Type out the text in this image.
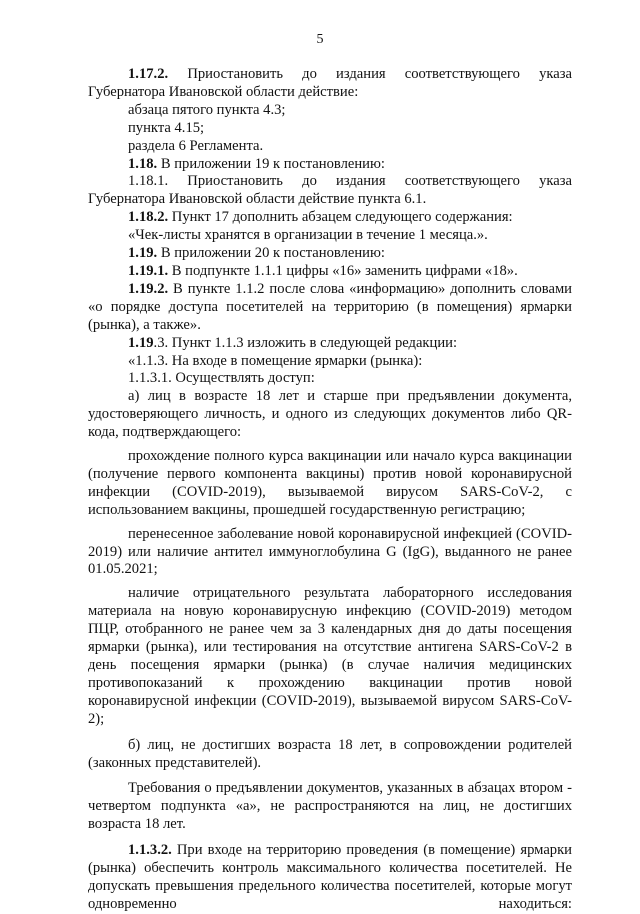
5

1.17.2. Приостановить до издания соответствующего указа Губернатора Ивановской области действие:

абзаца пятого пункта 4.3;

пункта 4.15;

раздела 6 Регламента.

1.18. В приложении 19 к постановлению:

1.18.1. Приостановить до издания соответствующего указа Губернатора Ивановской области действие пункта 6.1.

1.18.2. Пункт 17 дополнить абзацем следующего содержания:

«Чек-листы хранятся в организации в течение 1 месяца.».

1.19. В приложении 20 к постановлению:

1.19.1. В подпункте 1.1.1 цифры «16» заменить цифрами «18».

1.19.2. В пункте 1.1.2 после слова «информацию» дополнить словами «о порядке доступа посетителей на территорию (в помещения) ярмарки (рынка), а также».

1.19.3. Пункт 1.1.3 изложить в следующей редакции:

«1.1.3. На входе в помещение ярмарки (рынка):

1.1.3.1. Осуществлять доступ:

а) лиц в возрасте 18 лет и старше при предъявлении документа, удостоверяющего личность, и одного из следующих документов либо QR-кода, подтверждающего:

прохождение полного курса вакцинации или начало курса вакцинации (получение первого компонента вакцины) против новой коронавирусной инфекции (COVID-2019), вызываемой вирусом SARS-CoV-2, с использованием вакцины, прошедшей государственную регистрацию;

перенесенное заболевание новой коронавирусной инфекцией (COVID-2019) или наличие антител иммуноглобулина G (IgG), выданного не ранее 01.05.2021;

наличие отрицательного результата лабораторного исследования материала на новую коронавирусную инфекцию (COVID-2019) методом ПЦР, отобранного не ранее чем за 3 календарных дня до даты посещения ярмарки (рынка), или тестирования на отсутствие антигена SARS-CoV-2 в день посещения ярмарки (рынка) (в случае наличия медицинских противопоказаний к прохождению вакцинации против новой коронавирусной инфекции (COVID-2019), вызываемой вирусом SARS-CoV-2);

б) лиц, не достигших возраста 18 лет, в сопровождении родителей (законных представителей).

Требования о предъявлении документов, указанных в абзацах втором - четвертом подпункта «а», не распространяются на лиц, не достигших возраста 18 лет.

1.1.3.2. При входе на территорию проведения (в помещение) ярмарки (рынка) обеспечить контроль максимального количества посетителей. Не допускать превышения предельного количества посетителей, которые могут одновременно находиться:
